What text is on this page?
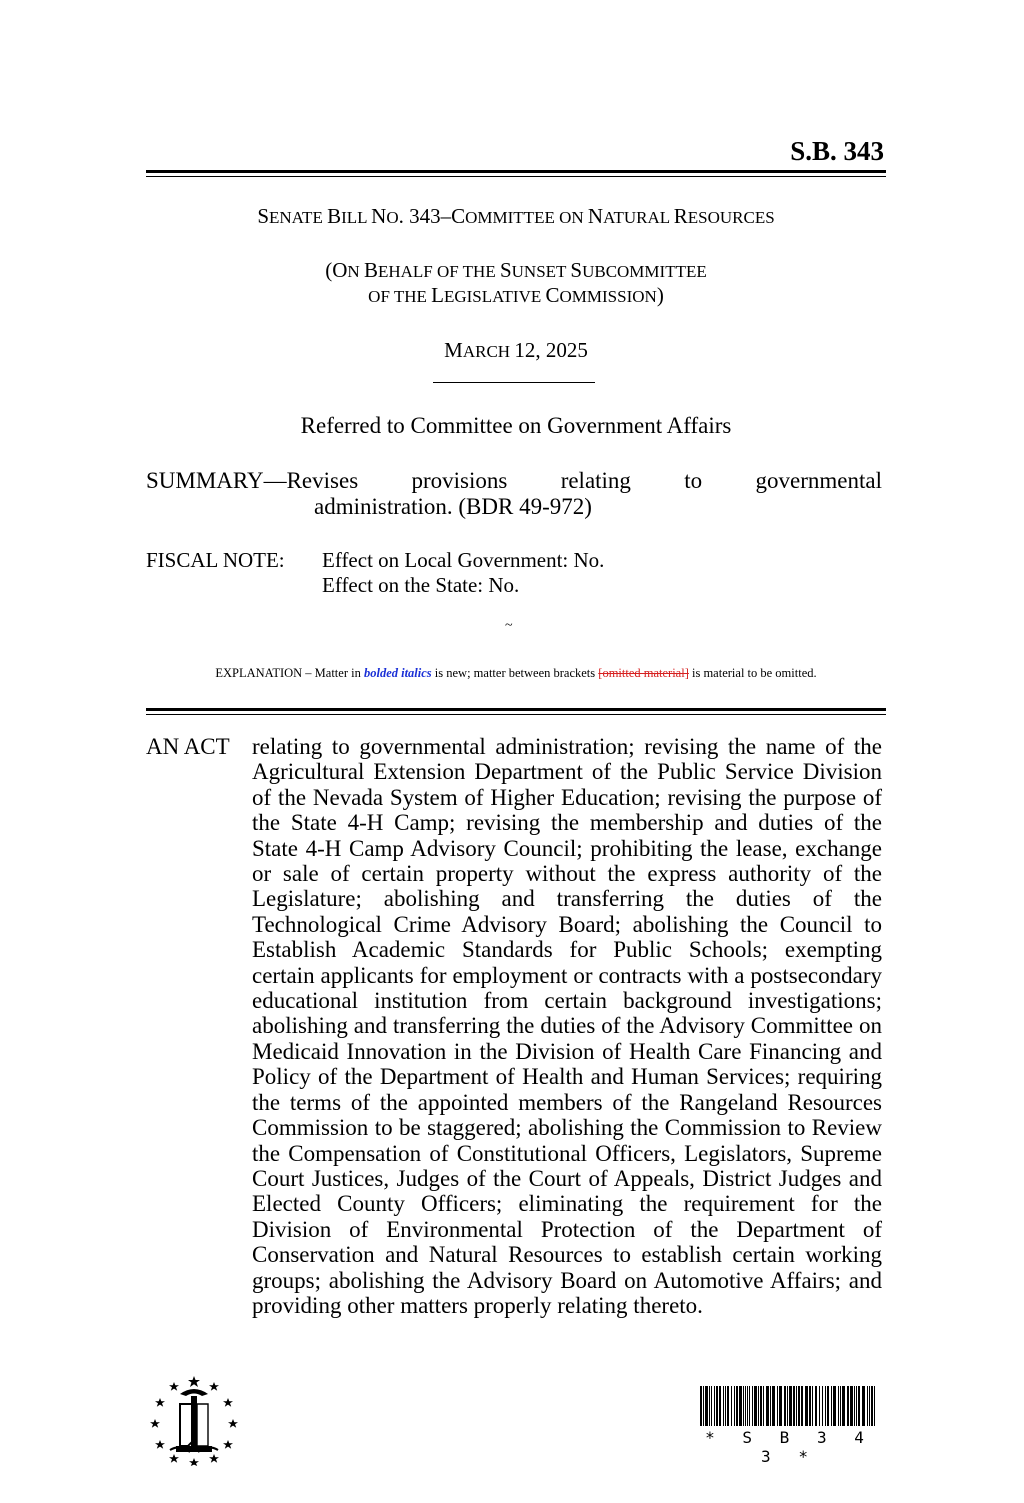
S.B. 343
SENATE BILL NO. 343–COMMITTEE ON NATURAL RESOURCES
(ON BEHALF OF THE SUNSET SUBCOMMITTEE
OF THE LEGISLATIVE COMMISSION)
MARCH 12, 2025
Referred to Committee on Government Affairs
SUMMARY—Revises provisions relating to governmental
administration. (BDR 49-972)
FISCAL NOTE: Effect on Local Government: No.
Effect on the State: No.
~
EXPLANATION – Matter in bolded italics is new; matter between brackets [omitted material] is material to be omitted.
AN ACT relating to governmental administration; revising the name of the Agricultural Extension Department of the Public Service Division of the Nevada System of Higher Education; revising the purpose of the State 4-H Camp; revising the membership and duties of the State 4-H Camp Advisory Council; prohibiting the lease, exchange or sale of certain property without the express authority of the Legislature; abolishing and transferring the duties of the Technological Crime Advisory Board; abolishing the Council to Establish Academic Standards for Public Schools; exempting certain applicants for employment or contracts with a postsecondary educational institution from certain background investigations; abolishing and transferring the duties of the Advisory Committee on Medicaid Innovation in the Division of Health Care Financing and Policy of the Department of Health and Human Services; requiring the terms of the appointed members of the Rangeland Resources Commission to be staggered; abolishing the Commission to Review the Compensation of Constitutional Officers, Legislators, Supreme Court Justices, Judges of the Court of Appeals, District Judges and Elected County Officers; eliminating the requirement for the Division of Environmental Protection of the Department of Conservation and Natural Resources to establish certain working groups; abolishing the Advisory Board on Automotive Affairs; and providing other matters properly relating thereto.
* S B 3 4 3 *
